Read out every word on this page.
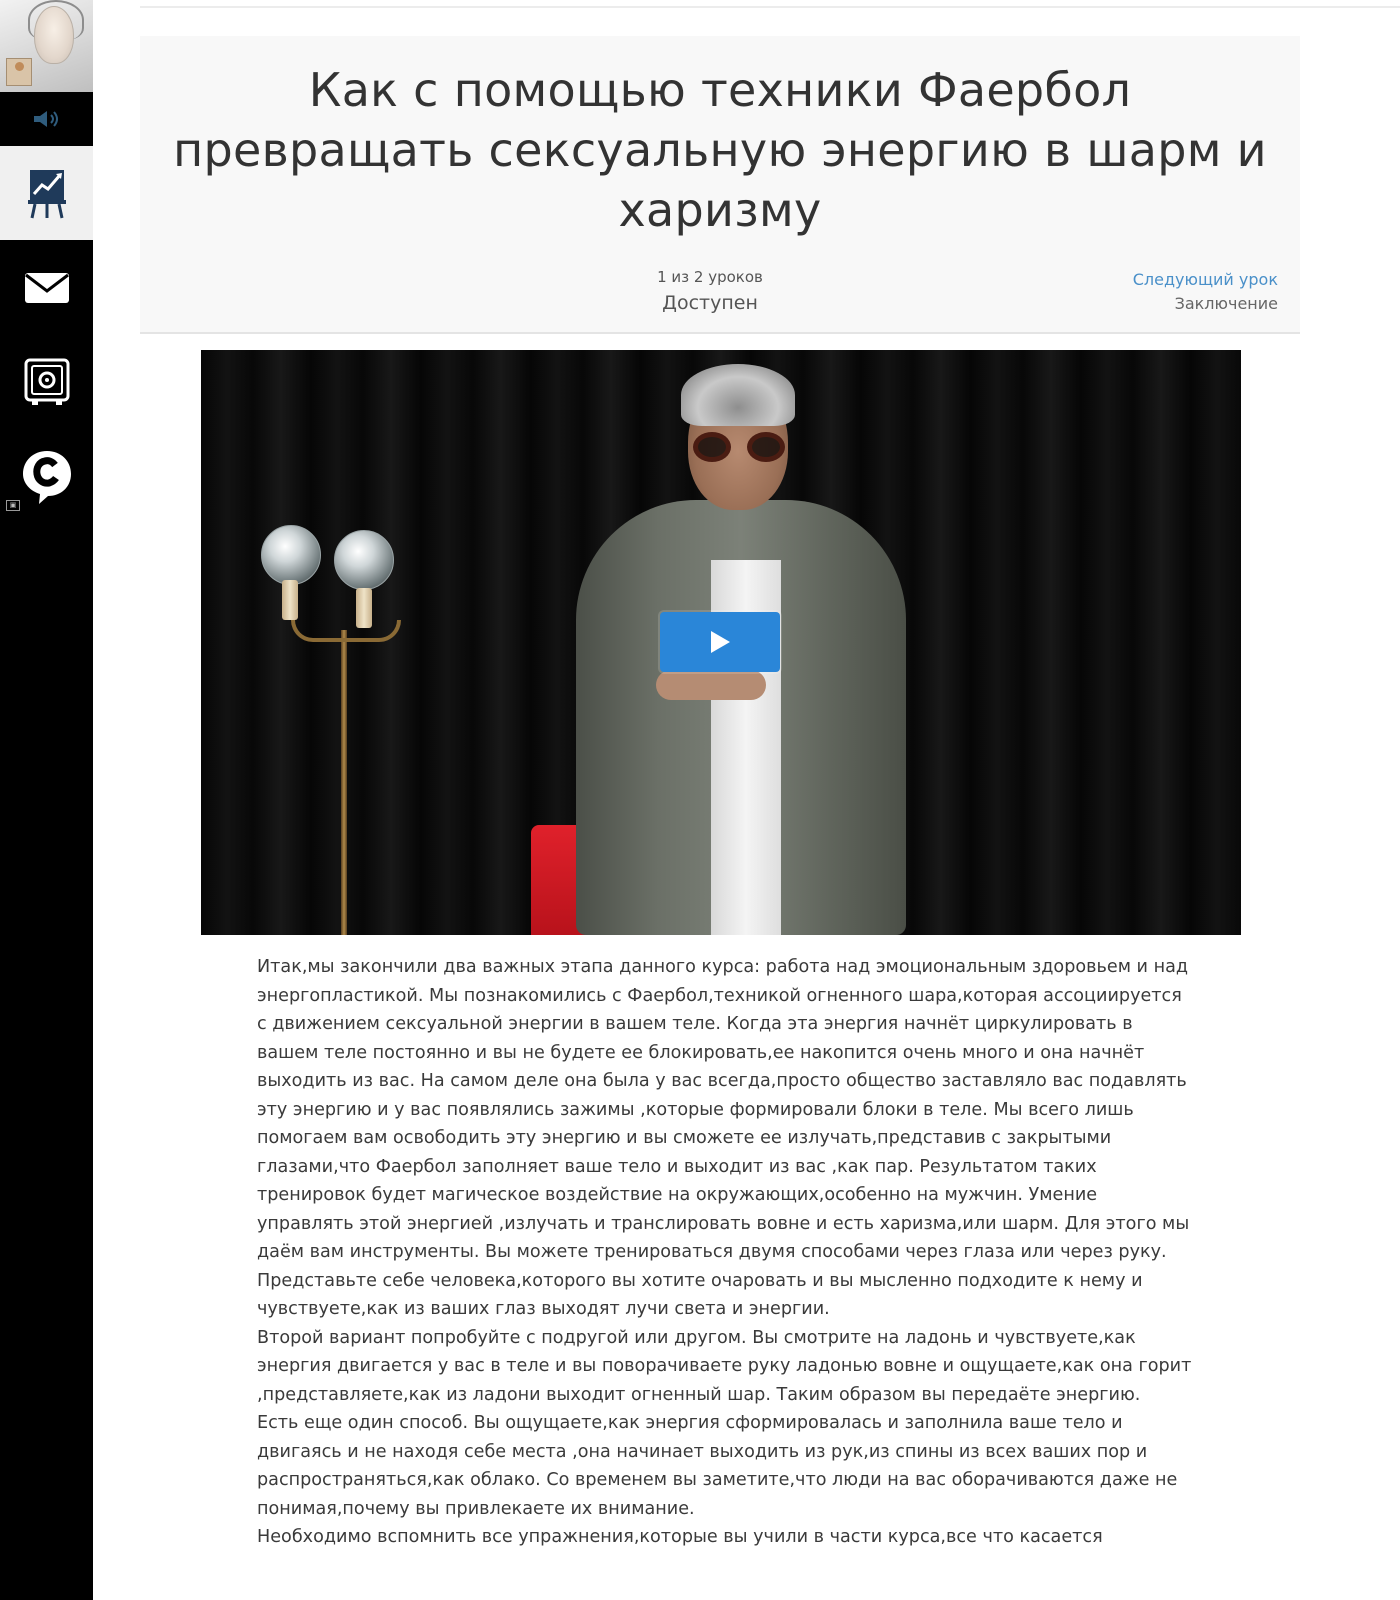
▣
Как с помощью техники Фаербол превращать сексуальную энергию в шарм и харизму
1 из 2 уроков
Доступен
Следующий урок
Заключение

Итак,мы закончили два важных этапа данного курса: работа над эмоциональным здоровьем и над энергопластикой. Мы познакомились с Фаербол,техникой огненного шара,которая ассоциируется с движением сексуальной энергии в вашем теле. Когда эта энергия начнёт циркулировать в вашем теле постоянно и вы не будете ее блокировать,ее накопится очень много и она начнёт выходить из вас. На самом деле она была у вас всегда,просто общество заставляло вас подавлять эту энергию и у вас появлялись зажимы ,которые формировали блоки в теле. Мы всего лишь помогаем вам освободить эту энергию и вы сможете ее излучать,представив с закрытыми глазами,что Фаербол заполняет ваше тело и выходит из вас ,как пар. Результатом таких тренировок будет магическое воздействие на окружающих,особенно на мужчин. Умение управлять этой энергией ,излучать и транслировать вовне и есть харизма,или шарм. Для этого мы даём вам инструменты. Вы можете тренироваться двумя способами через глаза или через руку. Представьте себе человека,которого вы хотите очаровать и вы мысленно подходите к нему и чувствуете,как из ваших глаз выходят лучи света и энергии.

Второй вариант попробуйте с подругой или другом. Вы смотрите на ладонь и чувствуете,как энергия двигается у вас в теле и вы поворачиваете руку ладонью вовне и ощущаете,как она горит ,представляете,как из ладони выходит огненный шар. Таким образом вы передаёте энергию.

Есть еще один способ. Вы ощущаете,как энергия сформировалась и заполнила ваше тело и двигаясь и не находя себе места ,она начинает выходить из рук,из спины из всех ваших пор и распространяться,как облако. Со временем вы заметите,что люди на вас оборачиваются даже не понимая,почему вы привлекаете их внимание.

Необходимо вспомнить все упражнения,которые вы учили в части курса,все что касается
